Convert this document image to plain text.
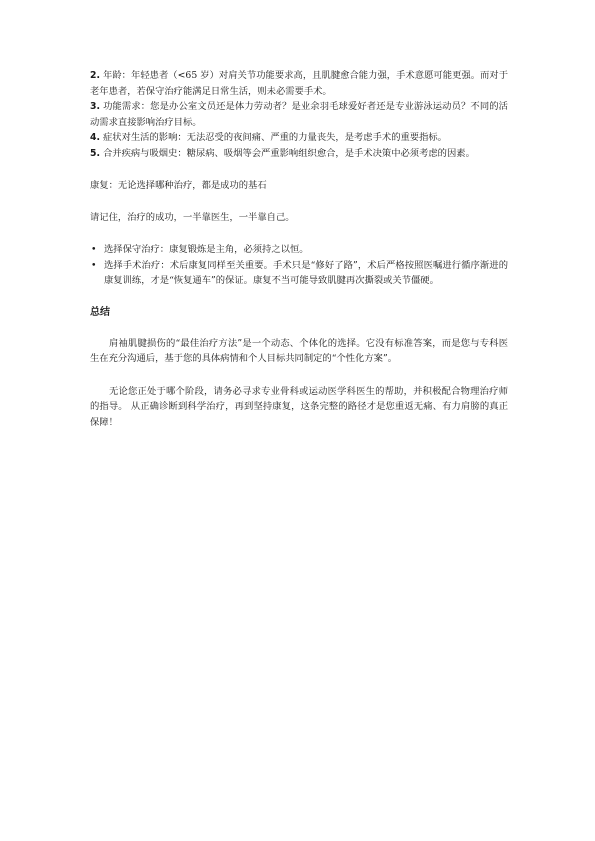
2. 年龄：年轻患者（<65 岁）对肩关节功能要求高，且肌腱愈合能力强，手术意愿可能更强。而对于老年患者，若保守治疗能满足日常生活，则未必需要手术。

3. 功能需求：您是办公室文员还是体力劳动者？是业余羽毛球爱好者还是专业游泳运动员？不同的活动需求直接影响治疗目标。

4. 症状对生活的影响：无法忍受的夜间痛、严重的力量丧失，是考虑手术的重要指标。

5. 合并疾病与吸烟史：糖尿病、吸烟等会严重影响组织愈合，是手术决策中必须考虑的因素。

康复：无论选择哪种治疗，都是成功的基石

请记住，治疗的成功，一半靠医生，一半靠自己。

• 选择保守治疗：康复锻炼是主角，必须持之以恒。
• 选择手术治疗：术后康复同样至关重要。手术只是“修好了路”，术后严格按照医嘱进行循序渐进的康复训练，才是“恢复通车”的保证。康复不当可能导致肌腱再次撕裂或关节僵硬。
总结

肩袖肌腱损伤的“最佳治疗方法”是一个动态、个体化的选择。它没有标准答案，而是您与专科医生在充分沟通后，基于您的具体病情和个人目标共同制定的“个性化方案”。

无论您正处于哪个阶段，请务必寻求专业骨科或运动医学科医生的帮助，并积极配合物理治疗师的指导。 从正确诊断到科学治疗，再到坚持康复，这条完整的路径才是您重返无痛、有力肩膀的真正保障！
